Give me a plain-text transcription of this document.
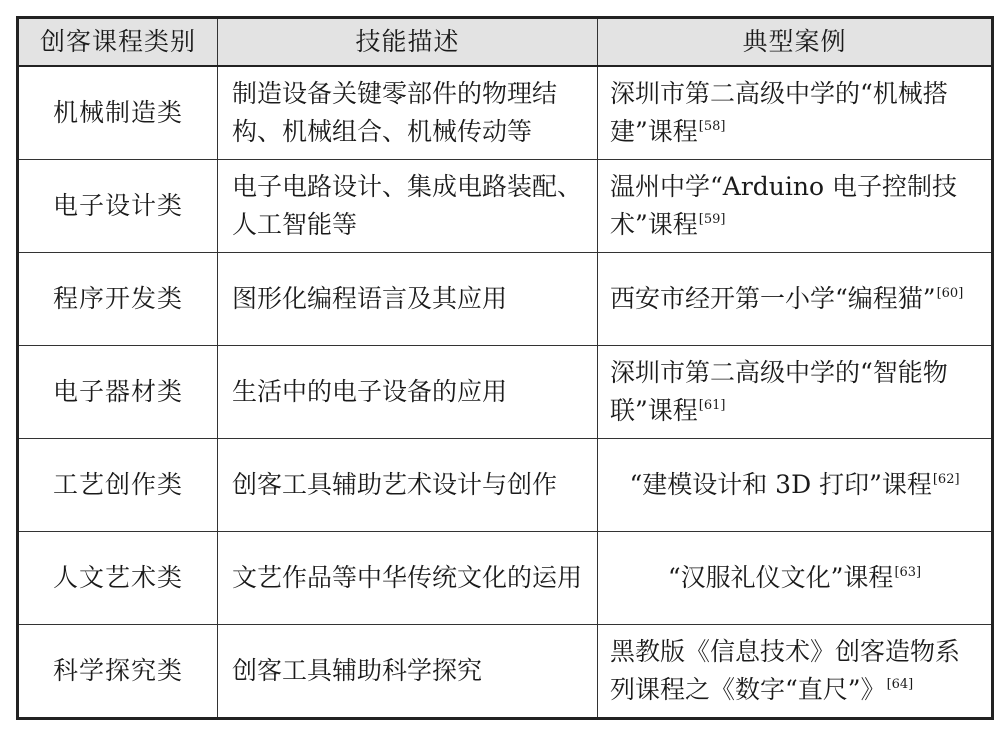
创客课程类别	技能描述	典型案例
机械制造类	制造设备关键零部件的物理结构、机械组合、机械传动等	深圳市第二高级中学的“机械搭建”课程[58]
电子设计类	电子电路设计、集成电路装配、人工智能等	温州中学“Arduino 电子控制技术”课程[59]
程序开发类	图形化编程语言及其应用	西安市经开第一小学“编程猫”[60]
电子器材类	生活中的电子设备的应用	深圳市第二高级中学的“智能物联”课程[61]
工艺创作类	创客工具辅助艺术设计与创作	“建模设计和 3D 打印”课程[62]
人文艺术类	文艺作品等中华传统文化的运用	“汉服礼仪文化”课程[63]
科学探究类	创客工具辅助科学探究	黑教版《信息技术》创客造物系列课程之《数字“直尺”》[64]
